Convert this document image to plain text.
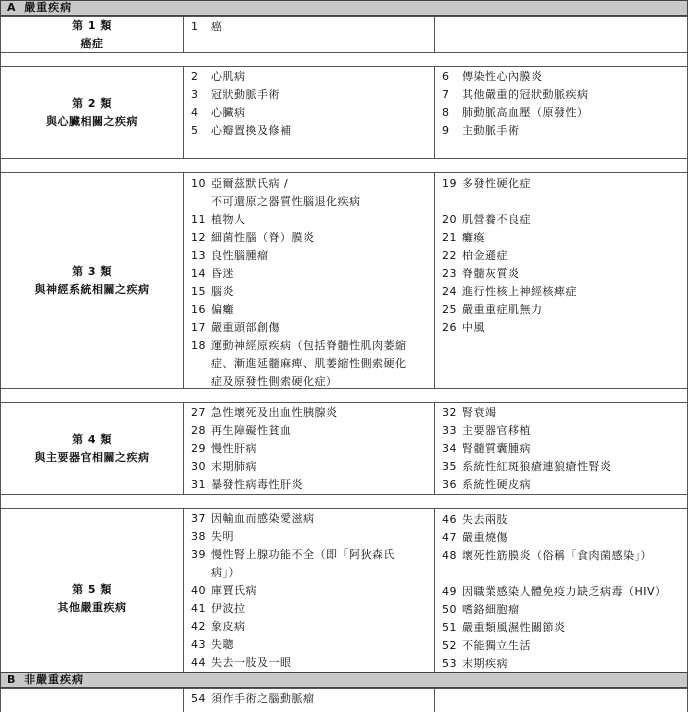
A 嚴重疾病
第 1 類
癌症
1 癌
第 2 類
與心臟相關之疾病
2 心肌病
3 冠狀動脈手術
4 心臟病
5 心瓣置換及修補
6 傳染性心內膜炎
7 其他嚴重的冠狀動脈疾病
8 肺動脈高血壓（原發性）
9 主動脈手術
第 3 類
與神經系統相關之疾病
10 亞爾茲默氏病 /
不可還原之器質性腦退化疾病
11 植物人
12 細菌性腦（脊）膜炎
13 良性腦腫瘤
14 昏迷
15 腦炎
16 偏癱
17 嚴重頭部創傷
18 運動神經原疾病（包括脊髓性肌肉萎縮
症、漸進延髓麻痺、肌萎縮性側索硬化
症及原發性側索硬化症）
19 多發性硬化症
20 肌營養不良症
21 癱瘓
22 柏金遜症
23 脊髓灰質炎
24 進行性核上神經核痺症
25 嚴重重症肌無力
26 中風
第 4 類
與主要器官相關之疾病
27 急性壞死及出血性胰腺炎
28 再生障礙性貧血
29 慢性肝病
30 末期肺病
31 暴發性病毒性肝炎
32 腎衰竭
33 主要器官移植
34 腎髓質囊腫病
35 系統性紅斑狼瘡連狼瘡性腎炎
36 系統性硬皮病
第 5 類
其他嚴重疾病
37 因輸血而感染愛滋病
38 失明
39 慢性腎上腺功能不全（即「阿狄森氏
病」）
40 庫賈氏病
41 伊波拉
42 象皮病
43 失聰
44 失去一肢及一眼
46 失去兩肢
47 嚴重燒傷
48 壞死性筋膜炎（俗稱「食肉菌感染」）
49 因職業感染人體免疫力缺乏病毒（HIV）
50 嗜鉻細胞瘤
51 嚴重類風濕性關節炎
52 不能獨立生活
53 末期疾病
B 非嚴重疾病
54 須作手術之腦動脈瘤
